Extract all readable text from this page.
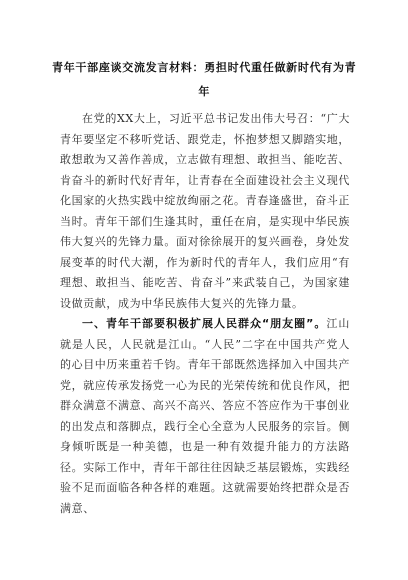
青年干部座谈交流发言材料：勇担时代重任做新时代有为青年

在党的XX大上，习近平总书记发出伟大号召：“广大青年要坚定不移听党话、跟党走，怀抱梦想又脚踏实地，敢想敢为又善作善成，立志做有理想、敢担当、能吃苦、肯奋斗的新时代好青年，让青春在全面建设社会主义现代化国家的火热实践中绽放绚丽之花。青春逢盛世，奋斗正当时。青年干部们生逢其时，重任在肩，是实现中华民族伟大复兴的先锋力量。面对徐徐展开的复兴画卷，身处发展变革的时代大潮，作为新时代的青年人，我们应用“有理想、敢担当、能吃苦、肯奋斗”来武装自己，为国家建设做贡献，成为中华民族伟大复兴的先锋力量。

一、青年干部要积极扩展人民群众“朋友圈”。江山就是人民，人民就是江山。“人民”二字在中国共产党人的心目中历来重若千钧。青年干部既然选择加入中国共产党，就应传承发扬党一心为民的光荣传统和优良作风，把群众满意不满意、高兴不高兴、答应不答应作为干事创业的出发点和落脚点，践行全心全意为人民服务的宗旨。侧身倾听既是一种美德，也是一种有效提升能力的方法路径。实际工作中，青年干部往往因缺乏基层锻炼，实践经验不足而面临各种各样的难题。这就需要始终把群众是否满意、
